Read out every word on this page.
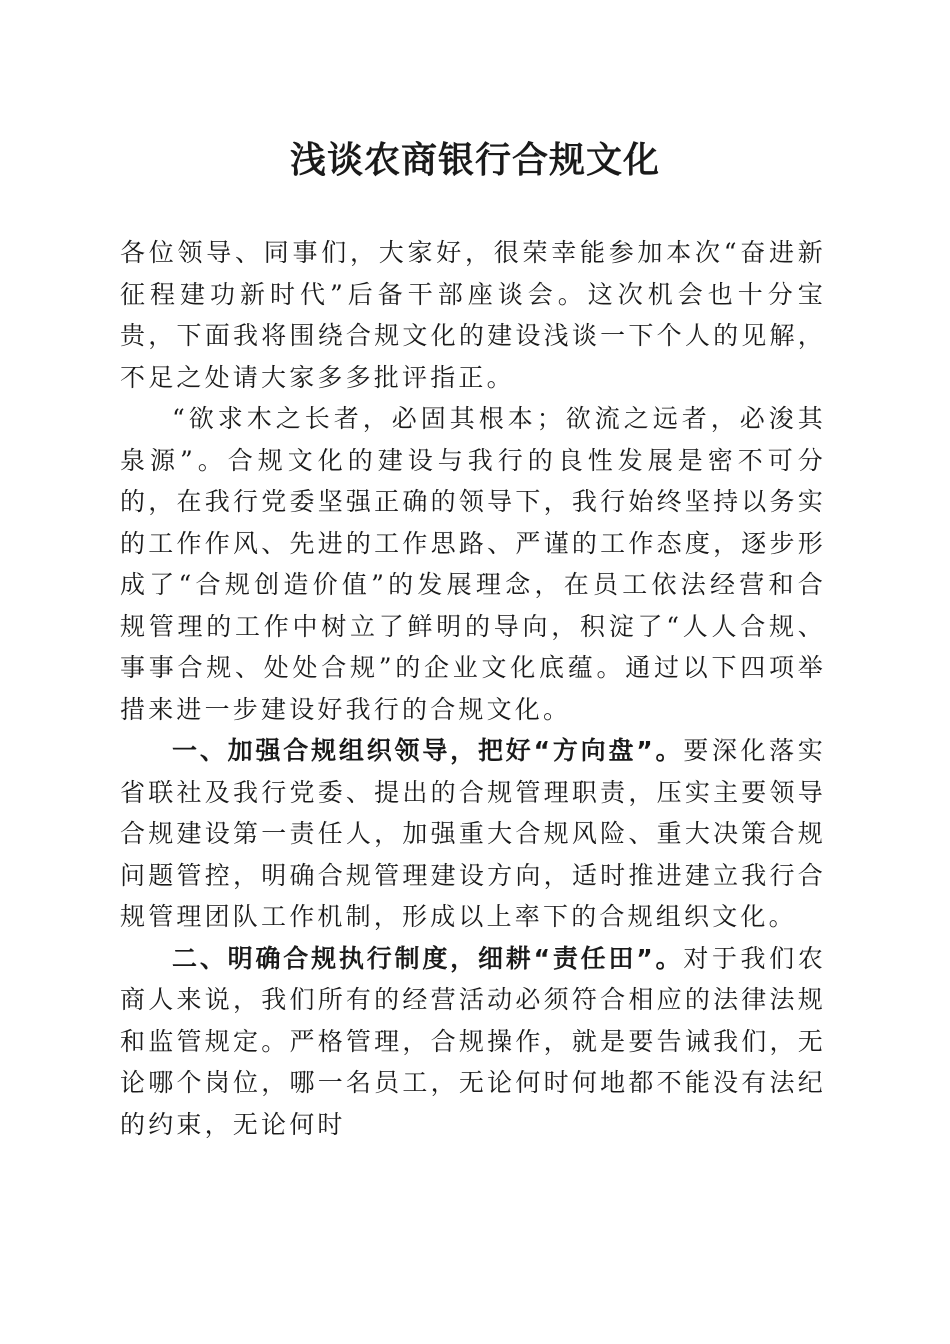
浅谈农商银行合规文化

各位领导、同事们，大家好，很荣幸能参加本次“奋进新征程建功新时代”后备干部座谈会。这次机会也十分宝贵，下面我将围绕合规文化的建设浅谈一下个人的见解，不足之处请大家多多批评指正。

“欲求木之长者，必固其根本；欲流之远者，必浚其泉源”。合规文化的建设与我行的良性发展是密不可分的，在我行党委坚强正确的领导下，我行始终坚持以务实的工作作风、先进的工作思路、严谨的工作态度，逐步形成了“合规创造价值”的发展理念，在员工依法经营和合规管理的工作中树立了鲜明的导向，积淀了“人人合规、事事合规、处处合规”的企业文化底蕴。通过以下四项举措来进一步建设好我行的合规文化。

一、加强合规组织领导，把好“方向盘”。要深化落实省联社及我行党委、提出的合规管理职责，压实主要领导合规建设第一责任人，加强重大合规风险、重大决策合规问题管控，明确合规管理建设方向，适时推进建立我行合规管理团队工作机制，形成以上率下的合规组织文化。

二、明确合规执行制度，细耕“责任田”。对于我们农商人来说，我们所有的经营活动必须符合相应的法律法规和监管规定。严格管理，合规操作，就是要告诫我们，无论哪个岗位，哪一名员工，无论何时何地都不能没有法纪的约束，无论何时
